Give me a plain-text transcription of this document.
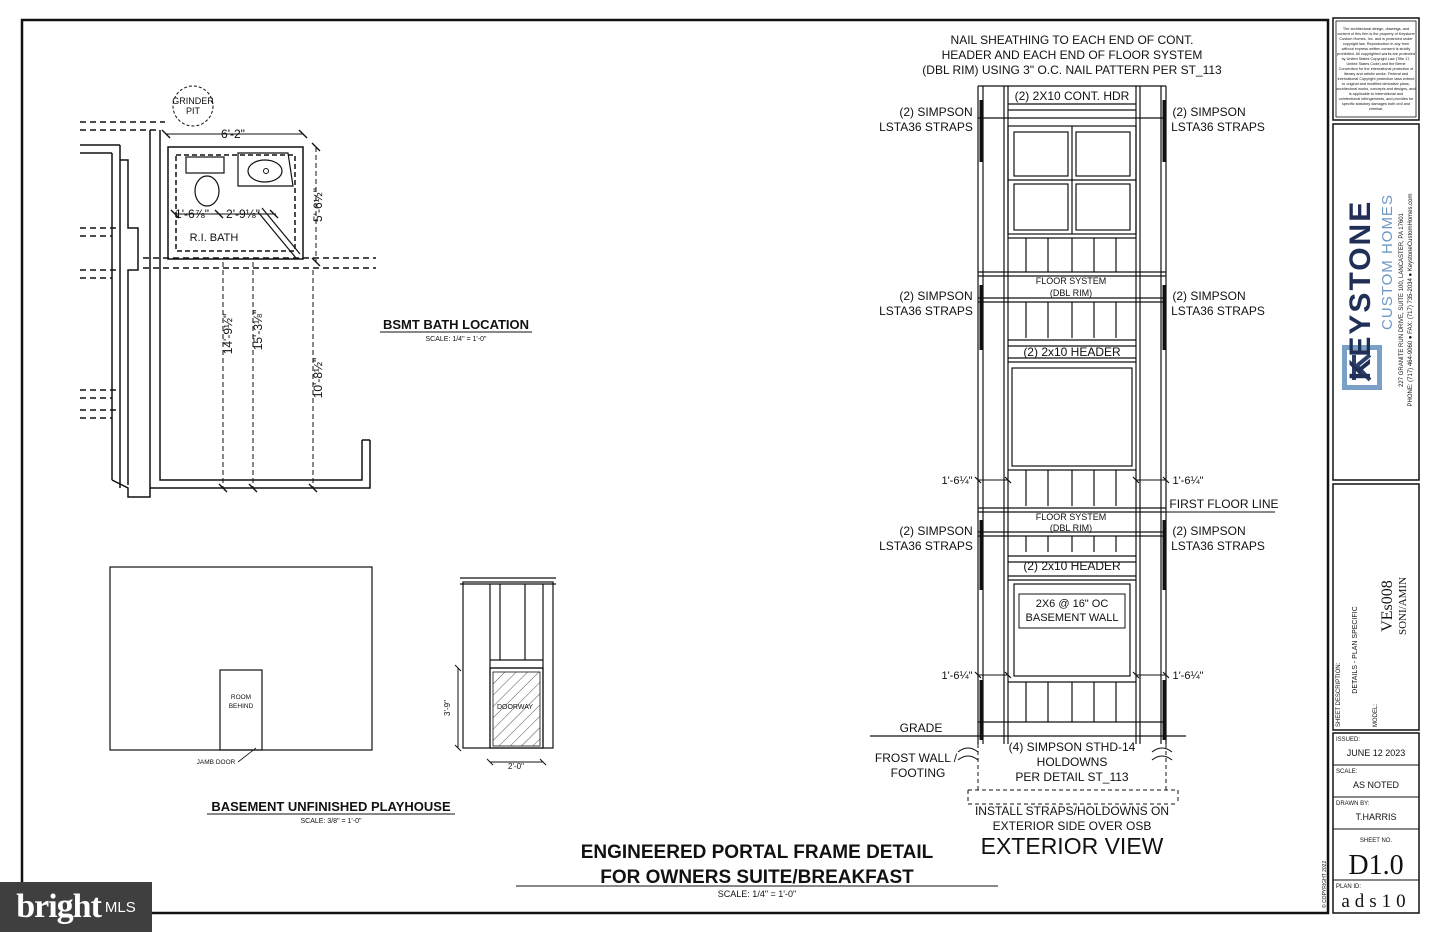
GRINDER
PIT
6'-2"
5'-6½"
1'-6⅞" 2'-9⅛"
R.I. BATH
14'-9½" 15'-3⅛"
10'-8½"
BSMT BATH LOCATION
SCALE: 1/4" = 1'-0"
ROOM
BEHIND
JAMB DOOR
DOORWAY
3'-9"
2'-0"
BASEMENT UNFINISHED PLAYHOUSE
SCALE: 3/8" = 1'-0"
NAIL SHEATHING TO EACH END OF CONT.
HEADER AND EACH END OF FLOOR SYSTEM
(DBL RIM) USING 3" O.C. NAIL PATTERN PER ST_113
(2) 2X10 CONT. HDR
(2) SIMPSON
LSTA36 STRAPS
(2) SIMPSON
LSTA36 STRAPS
FLOOR SYSTEM
(DBL RIM)
(2) SIMPSON
LSTA36 STRAPS
(2) SIMPSON
LSTA36 STRAPS
(2) 2x10 HEADER
1'-6¼"	1'-6¼"
FIRST FLOOR LINE
FLOOR SYSTEM
(DBL RIM)
(2) SIMPSON
LSTA36 STRAPS
(2) SIMPSON
LSTA36 STRAPS
(2) 2x10 HEADER
2X6 @ 16" OC
BASEMENT WALL
1'-6¼"	1'-6¼"
GRADE
FROST WALL /
FOOTING
(4) SIMPSON STHD-14
HOLDOWNS
PER DETAIL ST_113
INSTALL STRAPS/HOLDOWNS ON
EXTERIOR SIDE OVER OSB
EXTERIOR VIEW
ENGINEERED PORTAL FRAME DETAIL
FOR OWNERS SUITE/BREAKFAST
SCALE: 1/4" = 1'-0"
The architectural design, drawings, and
content of this firm is the property of Keystone
Custom Homes, Inc. and is protected under
copyright law. Reproduction in any form
without express written consent is strictly
prohibited. All copyrighted works are protected
by United States Copyright Law (Title 17,
United States Code) and the Berne
Convention for the international protection of
literary and artistic works. Federal and
international Copyright protection laws extend
to original and modified derivative plans,
architectural works, concepts and designs, and
is applicable to international and
unintentional infringements, and provides for
specific statutory damages both civil and
criminal.
KEYSTONE CUSTOM HOMES 227 GRANITE RUN DRIVE, SUITE 100, LANCASTER, PA 17601 PHONE: (717) 464-9060 ● FAX: (717) 735-2034 ● KeystoneCustomHomes.com
SHEET DESCRIPTION:
DETAILS - PLAN SPECIFIC
MODEL:
VEs008 SONI/AMIN
ISSUED:
JUNE 12 2023
SCALE:
AS NOTED
DRAWN BY:
T.HARRIS
SHEET NO.
D1.0
PLAN ID:
ads10
© COPYRIGHT 2022
bright MLS
